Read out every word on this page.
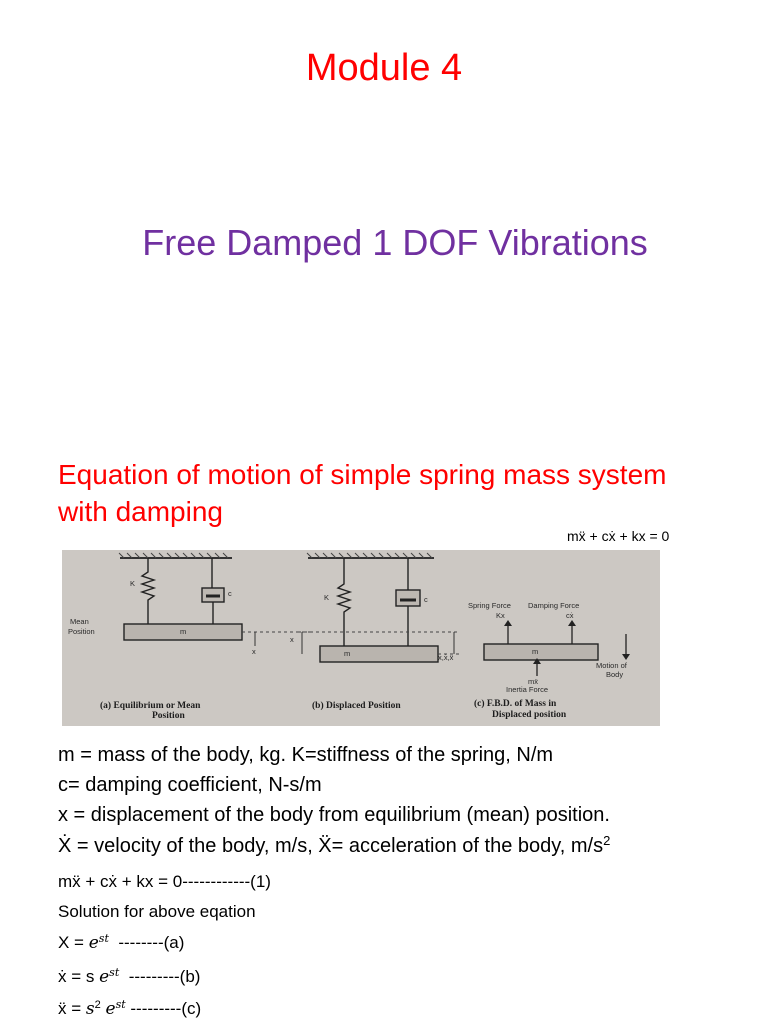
Module 4
Free Damped 1 DOF Vibrations
Equation of motion of simple spring mass system with damping
mẍ + cẋ + kx = 0
K
c
m
Mean
Position
x
K	c
x
m	x,ẋ,ẍ
Spring Force Damping Force
Kx	cẋ
m
Motion of
Body
mẍ
Inertia Force
(a) Equilibrium or Mean
Position
(b) Displaced Position	(c) F.B.D. of Mass in
Displaced position
m = mass of the body, kg. K=stiffness of the spring, N/m
c= damping coefficient, N-s/m
x = displacement of the body from equilibrium (mean) position.
Ẋ = velocity of the body, m/s, Ẍ= acceleration of the body, $m/s^2$
mẍ + cẋ + kx = 0------------(1)
Solution for above eqation
$X = e^{st}$  --------(a)
ẋ = s $e^{st}$  ---------(b)
ẍ = $s^2$ $e^{st}$ ---------(c)
